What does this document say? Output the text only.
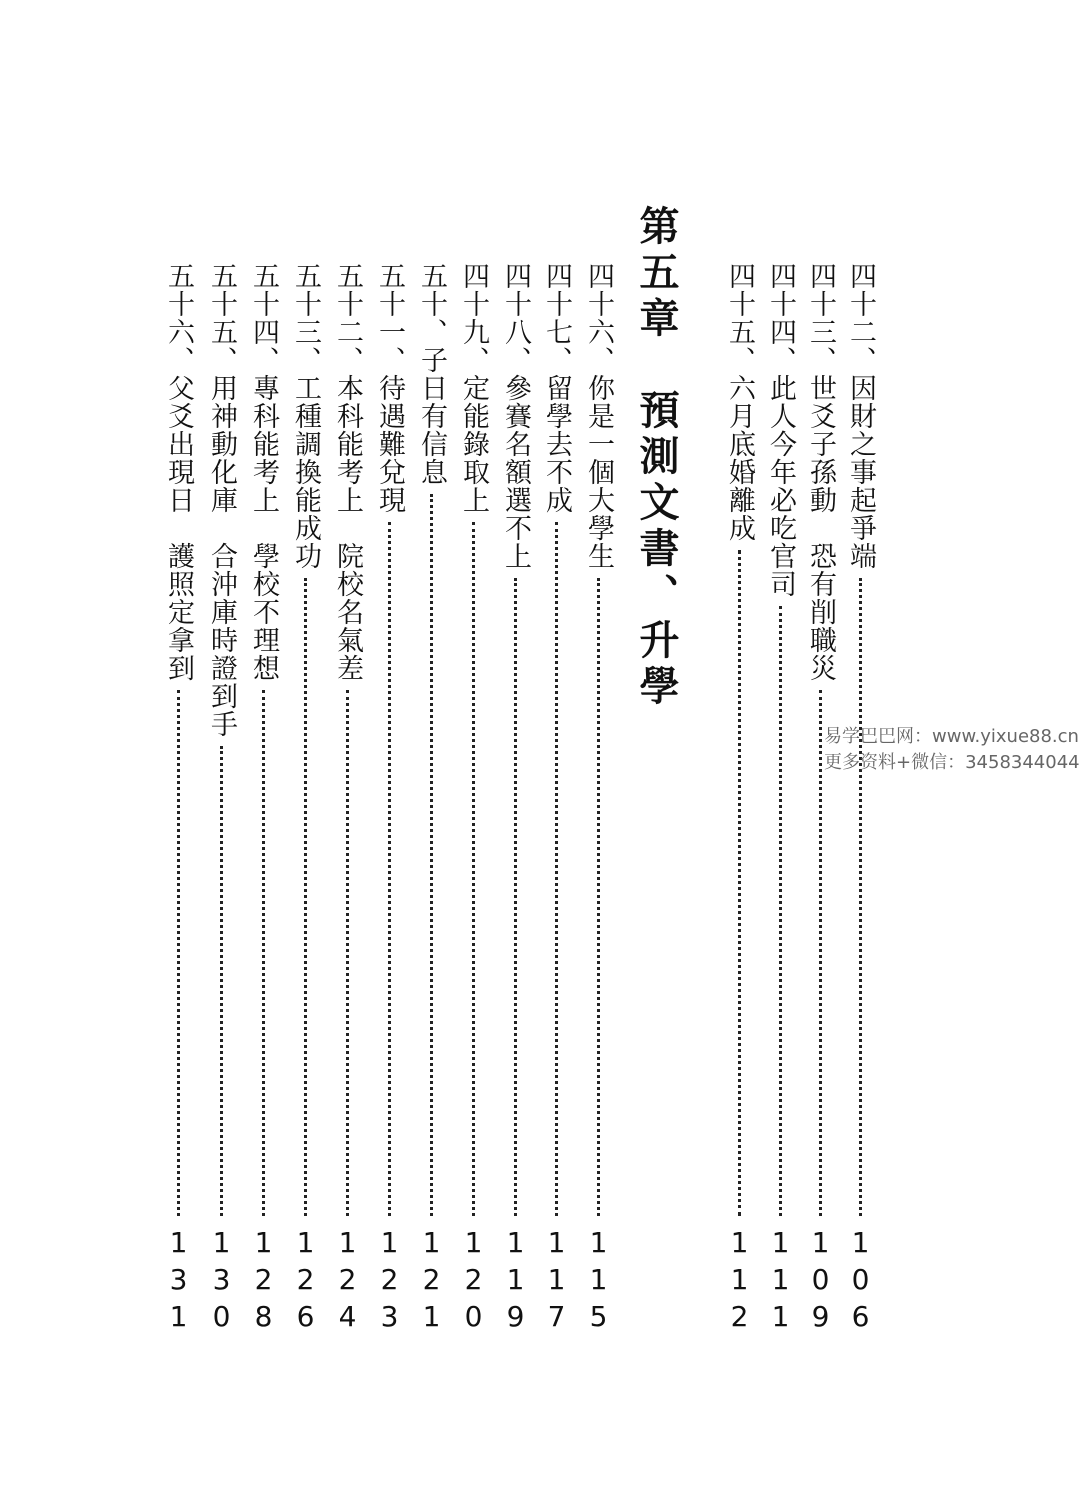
四十二、因財之事起爭端
106
四十三、世爻子孫動　恐有削職災
109
四十四、此人今年必吃官司
111
四十五、六月底婚離成
112
第五章　預測文書、升學
四十六、你是一個大學生
115
四十七、留學去不成
117
四十八、參賽名額選不上
119
四十九、定能錄取上
120
五十、子日有信息
121
五十一、待遇難兌現
123
五十二、本科能考上　院校名氣差
124
五十三、工種調換能成功
126
五十四、專科能考上　學校不理想
128
五十五、用神動化庫　合沖庫時證到手
130
五十六、父爻出現日　護照定拿到
131
易学巴巴网：www.yixue88.cn
更多资料+微信：3458344044
